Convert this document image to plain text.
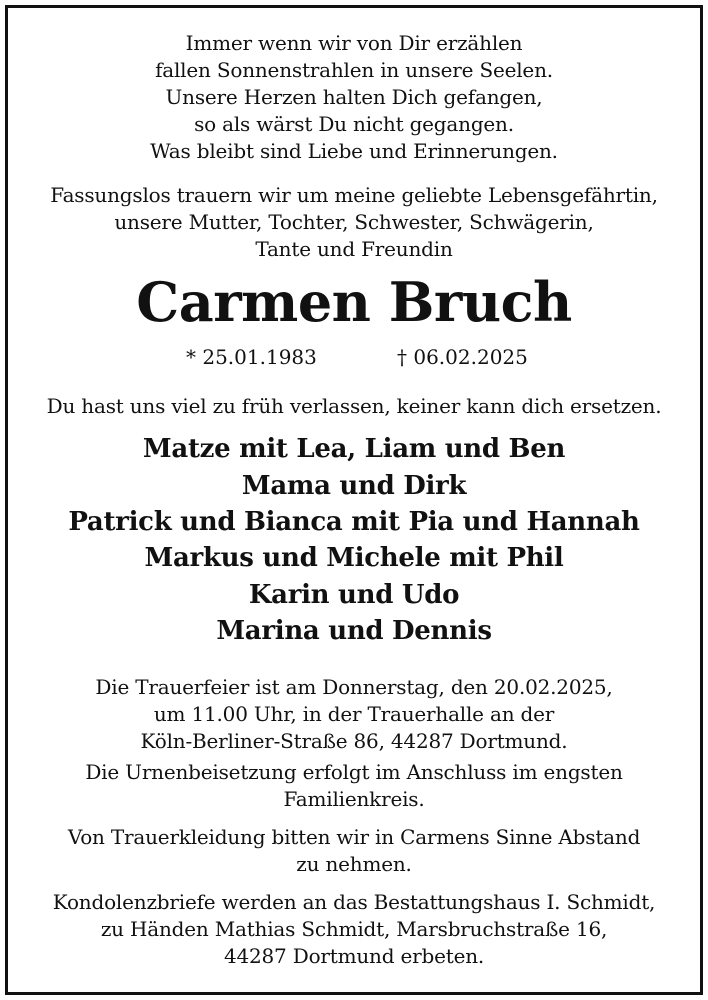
Immer wenn wir von Dir erzählen
fallen Sonnenstrahlen in unsere Seelen.
Unsere Herzen halten Dich gefangen,
so als wärst Du nicht gegangen.
Was bleibt sind Liebe und Erinnerungen.
Fassungslos trauern wir um meine geliebte Lebensgefährtin,
unsere Mutter, Tochter, Schwester, Schwägerin,
Tante und Freundin
Carmen Bruch
* 25.01.1983	† 06.02.2025
Du hast uns viel zu früh verlassen, keiner kann dich ersetzen.
Matze mit Lea, Liam und Ben
Mama und Dirk
Patrick und Bianca mit Pia und Hannah
Markus und Michele mit Phil
Karin und Udo
Marina und Dennis
Die Trauerfeier ist am Donnerstag, den 20.02.2025,
um 11.00 Uhr, in der Trauerhalle an der
Köln-Berliner-Straße 86, 44287 Dortmund.
Die Urnenbeisetzung erfolgt im Anschluss im engsten
Familienkreis.
Von Trauerkleidung bitten wir in Carmens Sinne Abstand
zu nehmen.
Kondolenzbriefe werden an das Bestattungshaus I. Schmidt,
zu Händen Mathias Schmidt, Marsbruchstraße 16,
44287 Dortmund erbeten.
